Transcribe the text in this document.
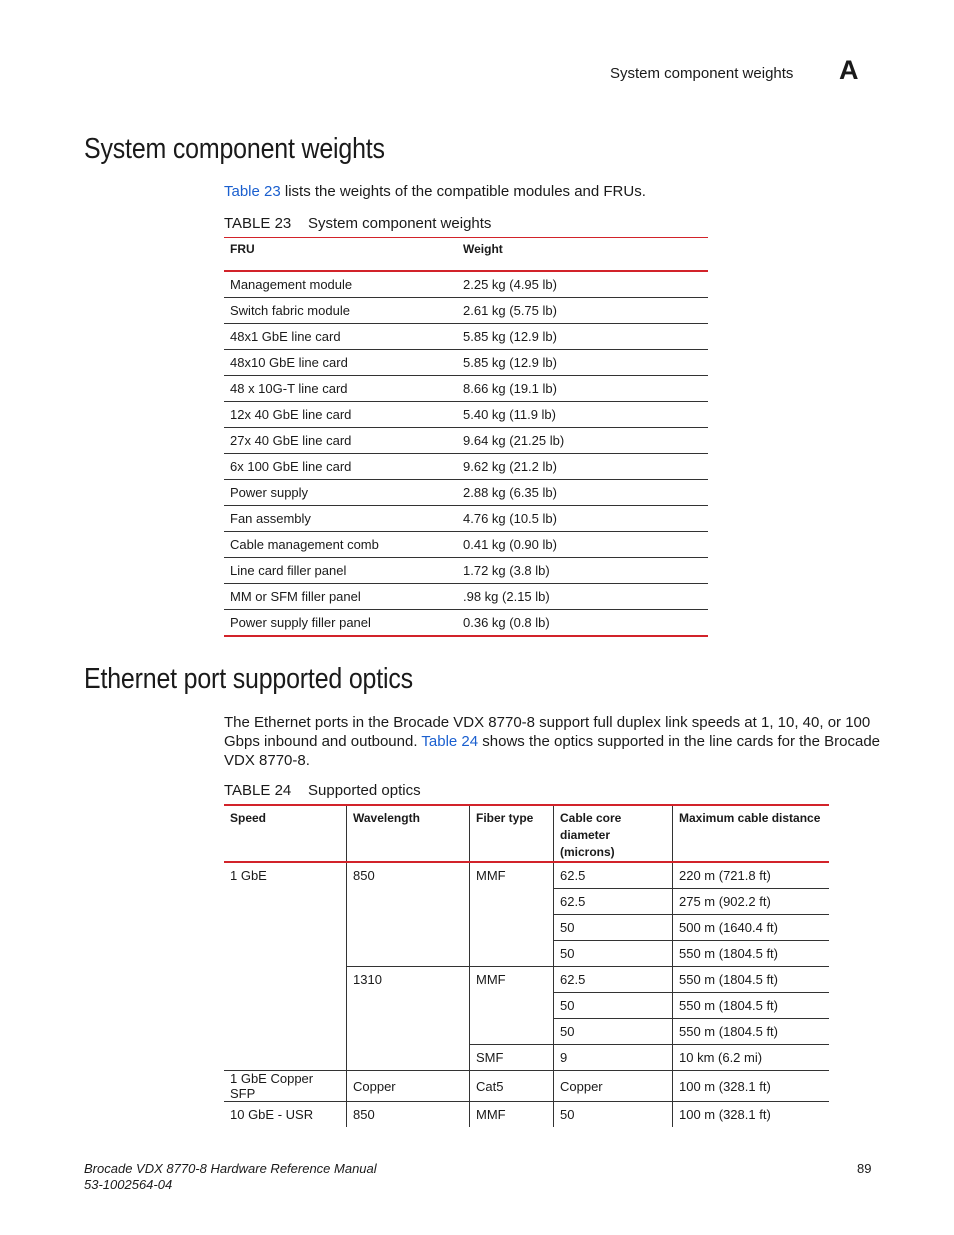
System component weights A
System component weights
Table 23 lists the weights of the compatible modules and FRUs.
TABLE 23 System component weights
FRU	Weight
Management module	2.25 kg (4.95 lb)
Switch fabric module	2.61 kg (5.75 lb)
48x1 GbE line card	5.85 kg (12.9 lb)
48x10 GbE line card	5.85 kg (12.9 lb)
48 x 10G-T line card	8.66 kg (19.1 lb)
12x 40 GbE line card	5.40 kg (11.9 lb)
27x 40 GbE line card	9.64 kg (21.25 lb)
6x 100 GbE line card	9.62 kg (21.2 lb)
Power supply	2.88 kg (6.35 lb)
Fan assembly	4.76 kg (10.5 lb)
Cable management comb	0.41 kg (0.90 lb)
Line card filler panel	1.72 kg (3.8 lb)
MM or SFM filler panel	.98 kg (2.15 lb)
Power supply filler panel	0.36 kg (0.8 lb)
Ethernet port supported optics
The Ethernet ports in the Brocade VDX 8770-8 support full duplex link speeds at 1, 10, 40, or 100
Gbps inbound and outbound. Table 24 shows the optics supported in the line cards for the Brocade
VDX 8770-8.
TABLE 24 Supported optics
Speed	Wavelength	Fiber type	Cable core diameter (microns)	Maximum cable distance
1 GbE	850	MMF	62.5	220 m (721.8 ft)
			62.5	275 m (902.2 ft)
			50	500 m (1640.4 ft)
			50	550 m (1804.5 ft)
	1310	MMF	62.5	550 m (1804.5 ft)
			50	550 m (1804.5 ft)
			50	550 m (1804.5 ft)
		SMF	9	10 km (6.2 mi)
1 GbE Copper SFP	Copper	Cat5	Copper	100 m (328.1 ft)
10 GbE - USR	850	MMF	50	100 m (328.1 ft)
Brocade VDX 8770-8 Hardware Reference Manual
53-1002564-04
89
